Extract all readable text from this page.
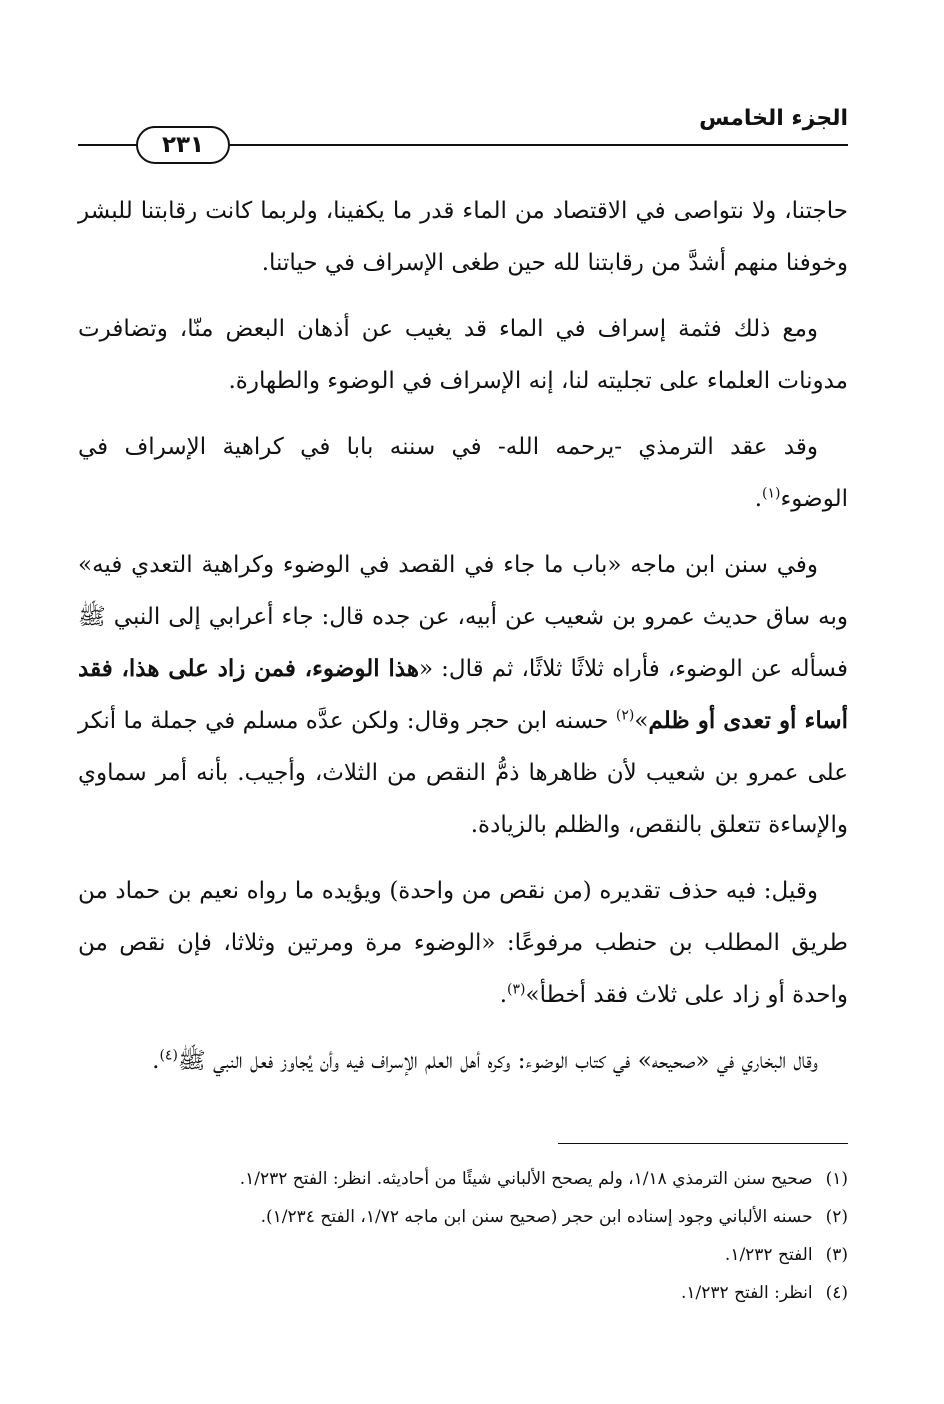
الجزء الخامس
٢٣١

حاجتنا، ولا نتواصى في الاقتصاد من الماء قدر ما يكفينا، ولربما كانت رقابتنا للبشر وخوفنا منهم أشدَّ من رقابتنا لله حين طغى الإسراف في حياتنا.

ومع ذلك فثمة إسراف في الماء قد يغيب عن أذهان البعض منّا، وتضافرت مدونات العلماء على تجليته لنا، إنه الإسراف في الوضوء والطهارة.

وقد عقد الترمذي -يرحمه الله- في سننه بابا في كراهية الإسراف في الوضوء$^{(١)}$.

وفي سنن ابن ماجه «باب ما جاء في القصد في الوضوء وكراهية التعدي فيه» وبه ساق حديث عمرو بن شعيب عن أبيه، عن جده قال: جاء أعرابي إلى النبي ﷺ فسأله عن الوضوء، فأراه ثلاثًا ثلاثًا، ثم قال: «هذا الوضوء، فمن زاد على هذا، فقد أساء أو تعدى أو ظلم»$^{(٢)}$ حسنه ابن حجر وقال: ولكن عدَّه مسلم في جملة ما أنكر على عمرو بن شعيب لأن ظاهرها ذمُّ النقص من الثلاث، وأجيب. بأنه أمر سماوي والإساءة تتعلق بالنقص، والظلم بالزيادة.

وقيل: فيه حذف تقديره (من نقص من واحدة) ويؤيده ما رواه نعيم بن حماد من طريق المطلب بن حنطب مرفوعًا: «الوضوء مرة ومرتين وثلاثا، فإن نقص من واحدة أو زاد على ثلاث فقد أخطأ»$^{(٣)}$.

وقال البخاري في «صحيحه» في كتاب الوضوء: وكره أهل العلم الإسراف فيه وأن يُجاوز فعل النبي ﷺ$^{(٤)}$.

(١) صحيح سنن الترمذي ١/١٨، ولم يصحح الألباني شيئًا من أحاديثه. انظر: الفتح ١/٢٣٢.

(٢) حسنه الألباني وجود إسناده ابن حجر (صحيح سنن ابن ماجه ١/٧٢، الفتح ١/٢٣٤).

(٣) الفتح ١/٢٣٢.

(٤) انظر: الفتح ١/٢٣٢.
